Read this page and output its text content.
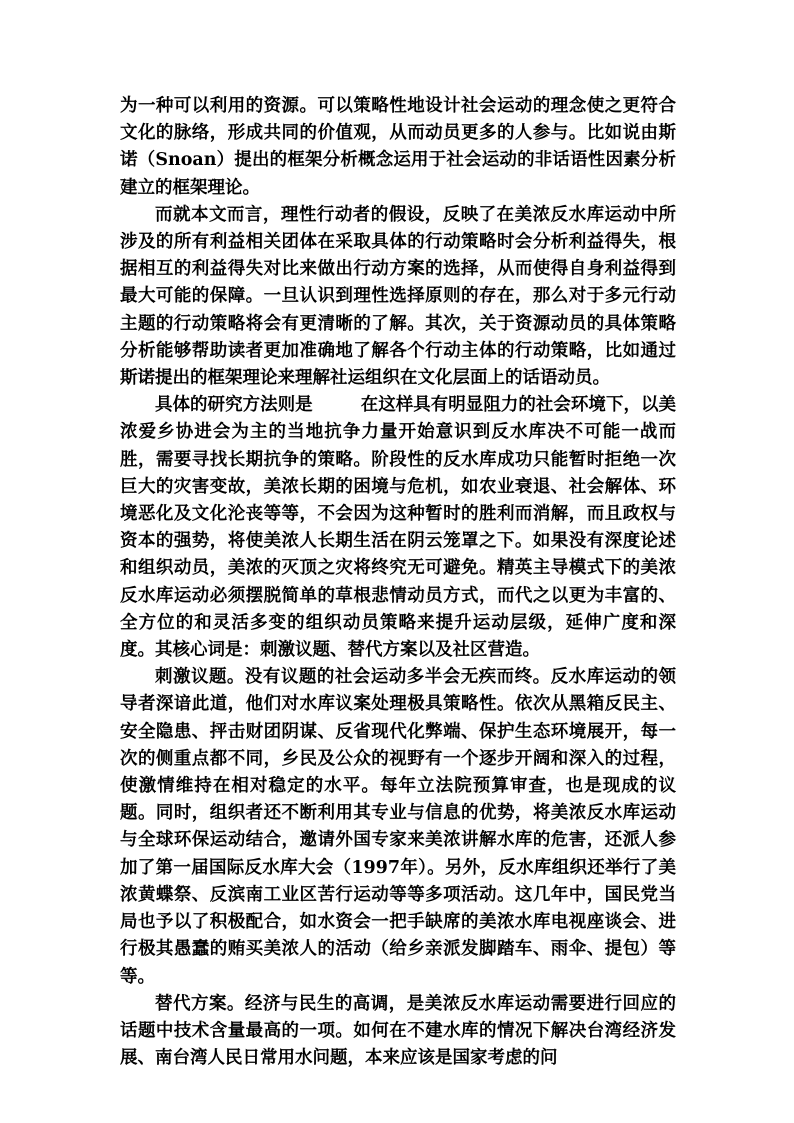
为一种可以利用的资源。可以策略性地设计社会运动的理念使之更符合文化的脉络，形成共同的价值观，从而动员更多的人参与。比如说由斯诺（Snoan）提出的框架分析概念运用于社会运动的非话语性因素分析建立的框架理论。

而就本文而言，理性行动者的假设，反映了在美浓反水库运动中所涉及的所有利益相关团体在采取具体的行动策略时会分析利益得失，根据相互的利益得失对比来做出行动方案的选择，从而使得自身利益得到最大可能的保障。一旦认识到理性选择原则的存在，那么对于多元行动主题的行动策略将会有更清晰的了解。其次，关于资源动员的具体策略分析能够帮助读者更加准确地了解各个行动主体的行动策略，比如通过斯诺提出的框架理论来理解社运组织在文化层面上的话语动员。

具体的研究方法则是	在这样具有明显阻力的社会环境下，以美浓爱乡协进会为主的当地抗争力量开始意识到反水库决不可能一战而胜，需要寻找长期抗争的策略。阶段性的反水库成功只能暂时拒绝一次巨大的灾害变故，美浓长期的困境与危机，如农业衰退、社会解体、环境恶化及文化沦丧等等，不会因为这种暂时的胜利而消解，而且政权与资本的强势，将使美浓人长期生活在阴云笼罩之下。如果没有深度论述和组织动员，美浓的灭顶之灾将终究无可避免。精英主导模式下的美浓反水库运动必须摆脱简单的草根悲情动员方式，而代之以更为丰富的、全方位的和灵活多变的组织动员策略来提升运动层级，延伸广度和深度。其核心词是：刺激议题、替代方案以及社区营造。

刺激议题。没有议题的社会运动多半会无疾而终。反水库运动的领导者深谙此道，他们对水库议案处理极具策略性。依次从黑箱反民主、安全隐患、抨击财团阴谋、反省现代化弊端、保护生态环境展开，每一次的侧重点都不同，乡民及公众的视野有一个逐步开阔和深入的过程，使激情维持在相对稳定的水平。每年立法院预算审查，也是现成的议题。同时，组织者还不断利用其专业与信息的优势，将美浓反水库运动与全球环保运动结合，邀请外国专家来美浓讲解水库的危害，还派人参加了第一届国际反水库大会（1997年）。另外，反水库组织还举行了美浓黄蝶祭、反滨南工业区苦行运动等等多项活动。这几年中，国民党当局也予以了积极配合，如水资会一把手缺席的美浓水库电视座谈会、进行极其愚蠢的贿买美浓人的活动（给乡亲派发脚踏车、雨伞、提包）等等。

替代方案。经济与民生的高调，是美浓反水库运动需要进行回应的话题中技术含量最高的一项。如何在不建水库的情况下解决台湾经济发展、南台湾人民日常用水问题，本来应该是国家考虑的问
